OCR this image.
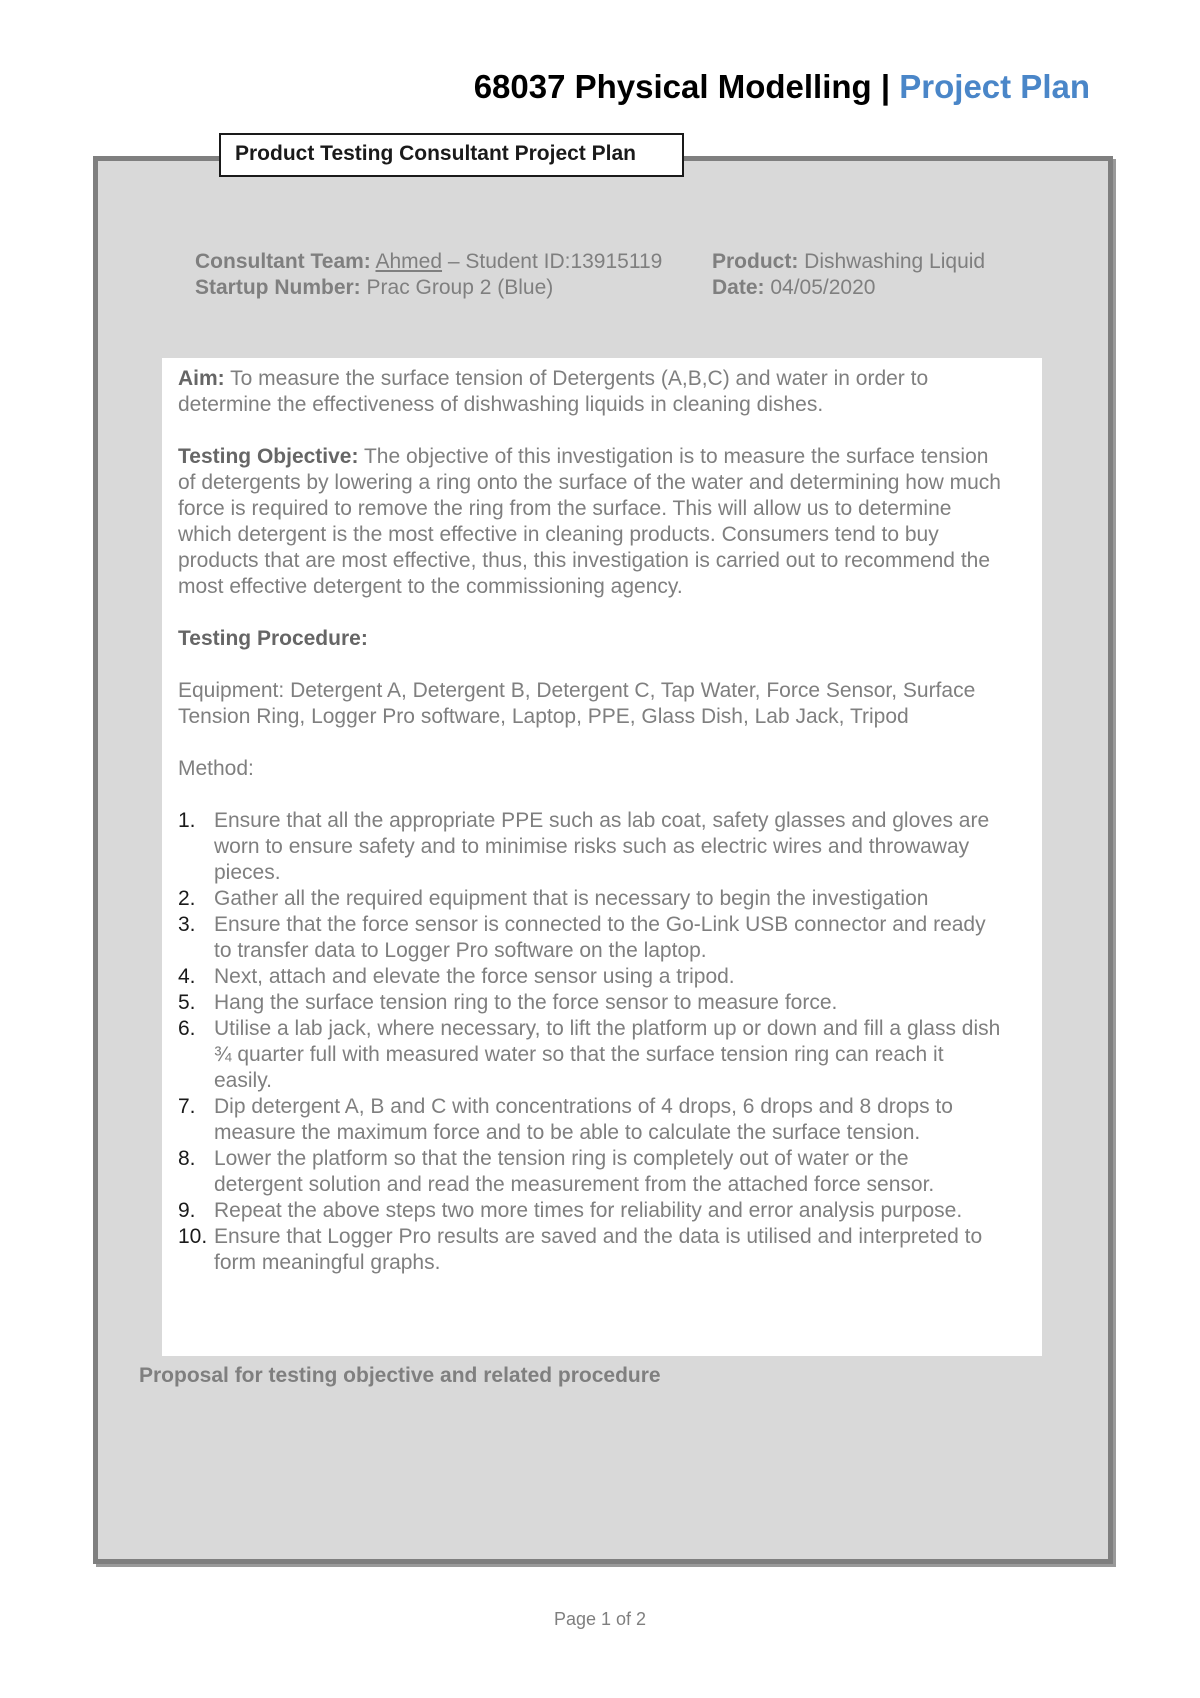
68037 Physical Modelling | Project Plan
Product Testing Consultant Project Plan
Consultant Team: Ahmed – Student ID:13915119 Product: Dishwashing Liquid
Startup Number: Prac Group 2 (Blue)	Date: 04/05/2020

Aim: To measure the surface tension of Detergents (A,B,C) and water in order to determine the effectiveness of dishwashing liquids in cleaning dishes.

Testing Objective: The objective of this investigation is to measure the surface tension of detergents by lowering a ring onto the surface of the water and determining how much force is required to remove the ring from the surface. This will allow us to determine which detergent is the most effective in cleaning products. Consumers tend to buy products that are most effective, thus, this investigation is carried out to recommend the most effective detergent to the commissioning agency.

Testing Procedure:

Equipment: Detergent A, Detergent B, Detergent C, Tap Water, Force Sensor, Surface Tension Ring, Logger Pro software, Laptop, PPE, Glass Dish, Lab Jack, Tripod

Method:

1. Ensure that all the appropriate PPE such as lab coat, safety glasses and gloves are worn to ensure safety and to minimise risks such as electric wires and throwaway pieces.
2. Gather all the required equipment that is necessary to begin the investigation
3. Ensure that the force sensor is connected to the Go-Link USB connector and ready to transfer data to Logger Pro software on the laptop.
4. Next, attach and elevate the force sensor using a tripod.
5. Hang the surface tension ring to the force sensor to measure force.
6. Utilise a lab jack, where necessary, to lift the platform up or down and fill a glass dish ¾ quarter full with measured water so that the surface tension ring can reach it easily.
7. Dip detergent A, B and C with concentrations of 4 drops, 6 drops and 8 drops to measure the maximum force and to be able to calculate the surface tension.
8. Lower the platform so that the tension ring is completely out of water or the detergent solution and read the measurement from the attached force sensor.
9. Repeat the above steps two more times for reliability and error analysis purpose.
10. Ensure that Logger Pro results are saved and the data is utilised and interpreted to form meaningful graphs.
Proposal for testing objective and related procedure
Page 1 of 2
